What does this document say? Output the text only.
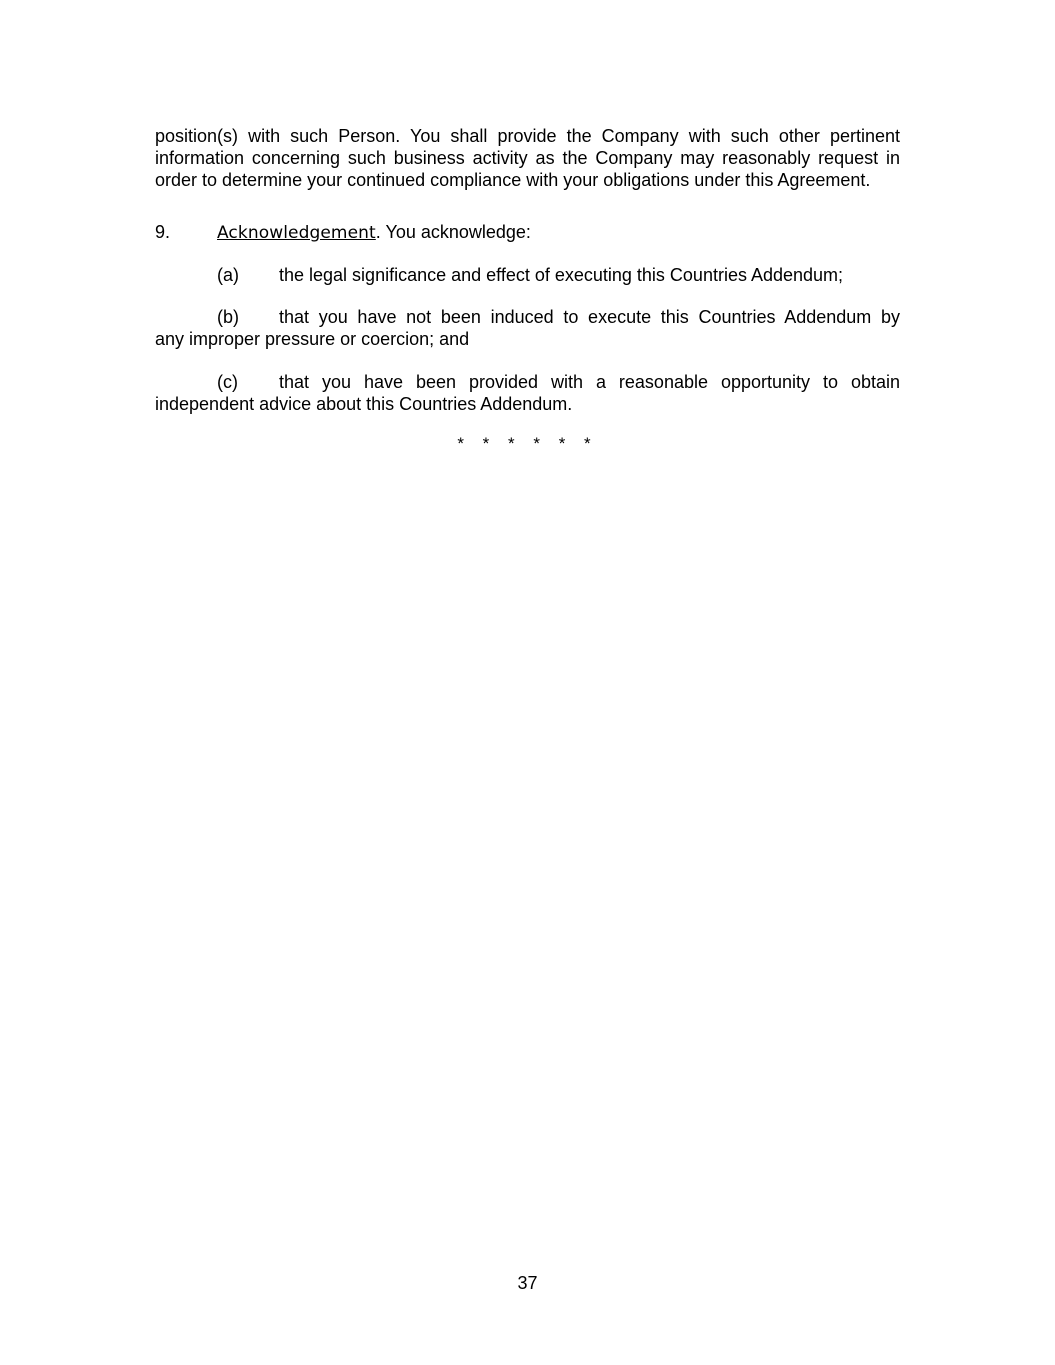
position(s) with such Person. You shall provide the Company with such other pertinent
information concerning such business activity as the Company may reasonably request in
order to determine your continued compliance with your obligations under this Agreement.
9.	Acknowledgement. You acknowledge:
(a)	the legal significance and effect of executing this Countries Addendum;
(b)	that you have not been induced to execute this Countries Addendum by
any improper pressure or coercion; and
(c)	that you have been provided with a reasonable opportunity to obtain
independent advice about this Countries Addendum.
* * * * * *
37
